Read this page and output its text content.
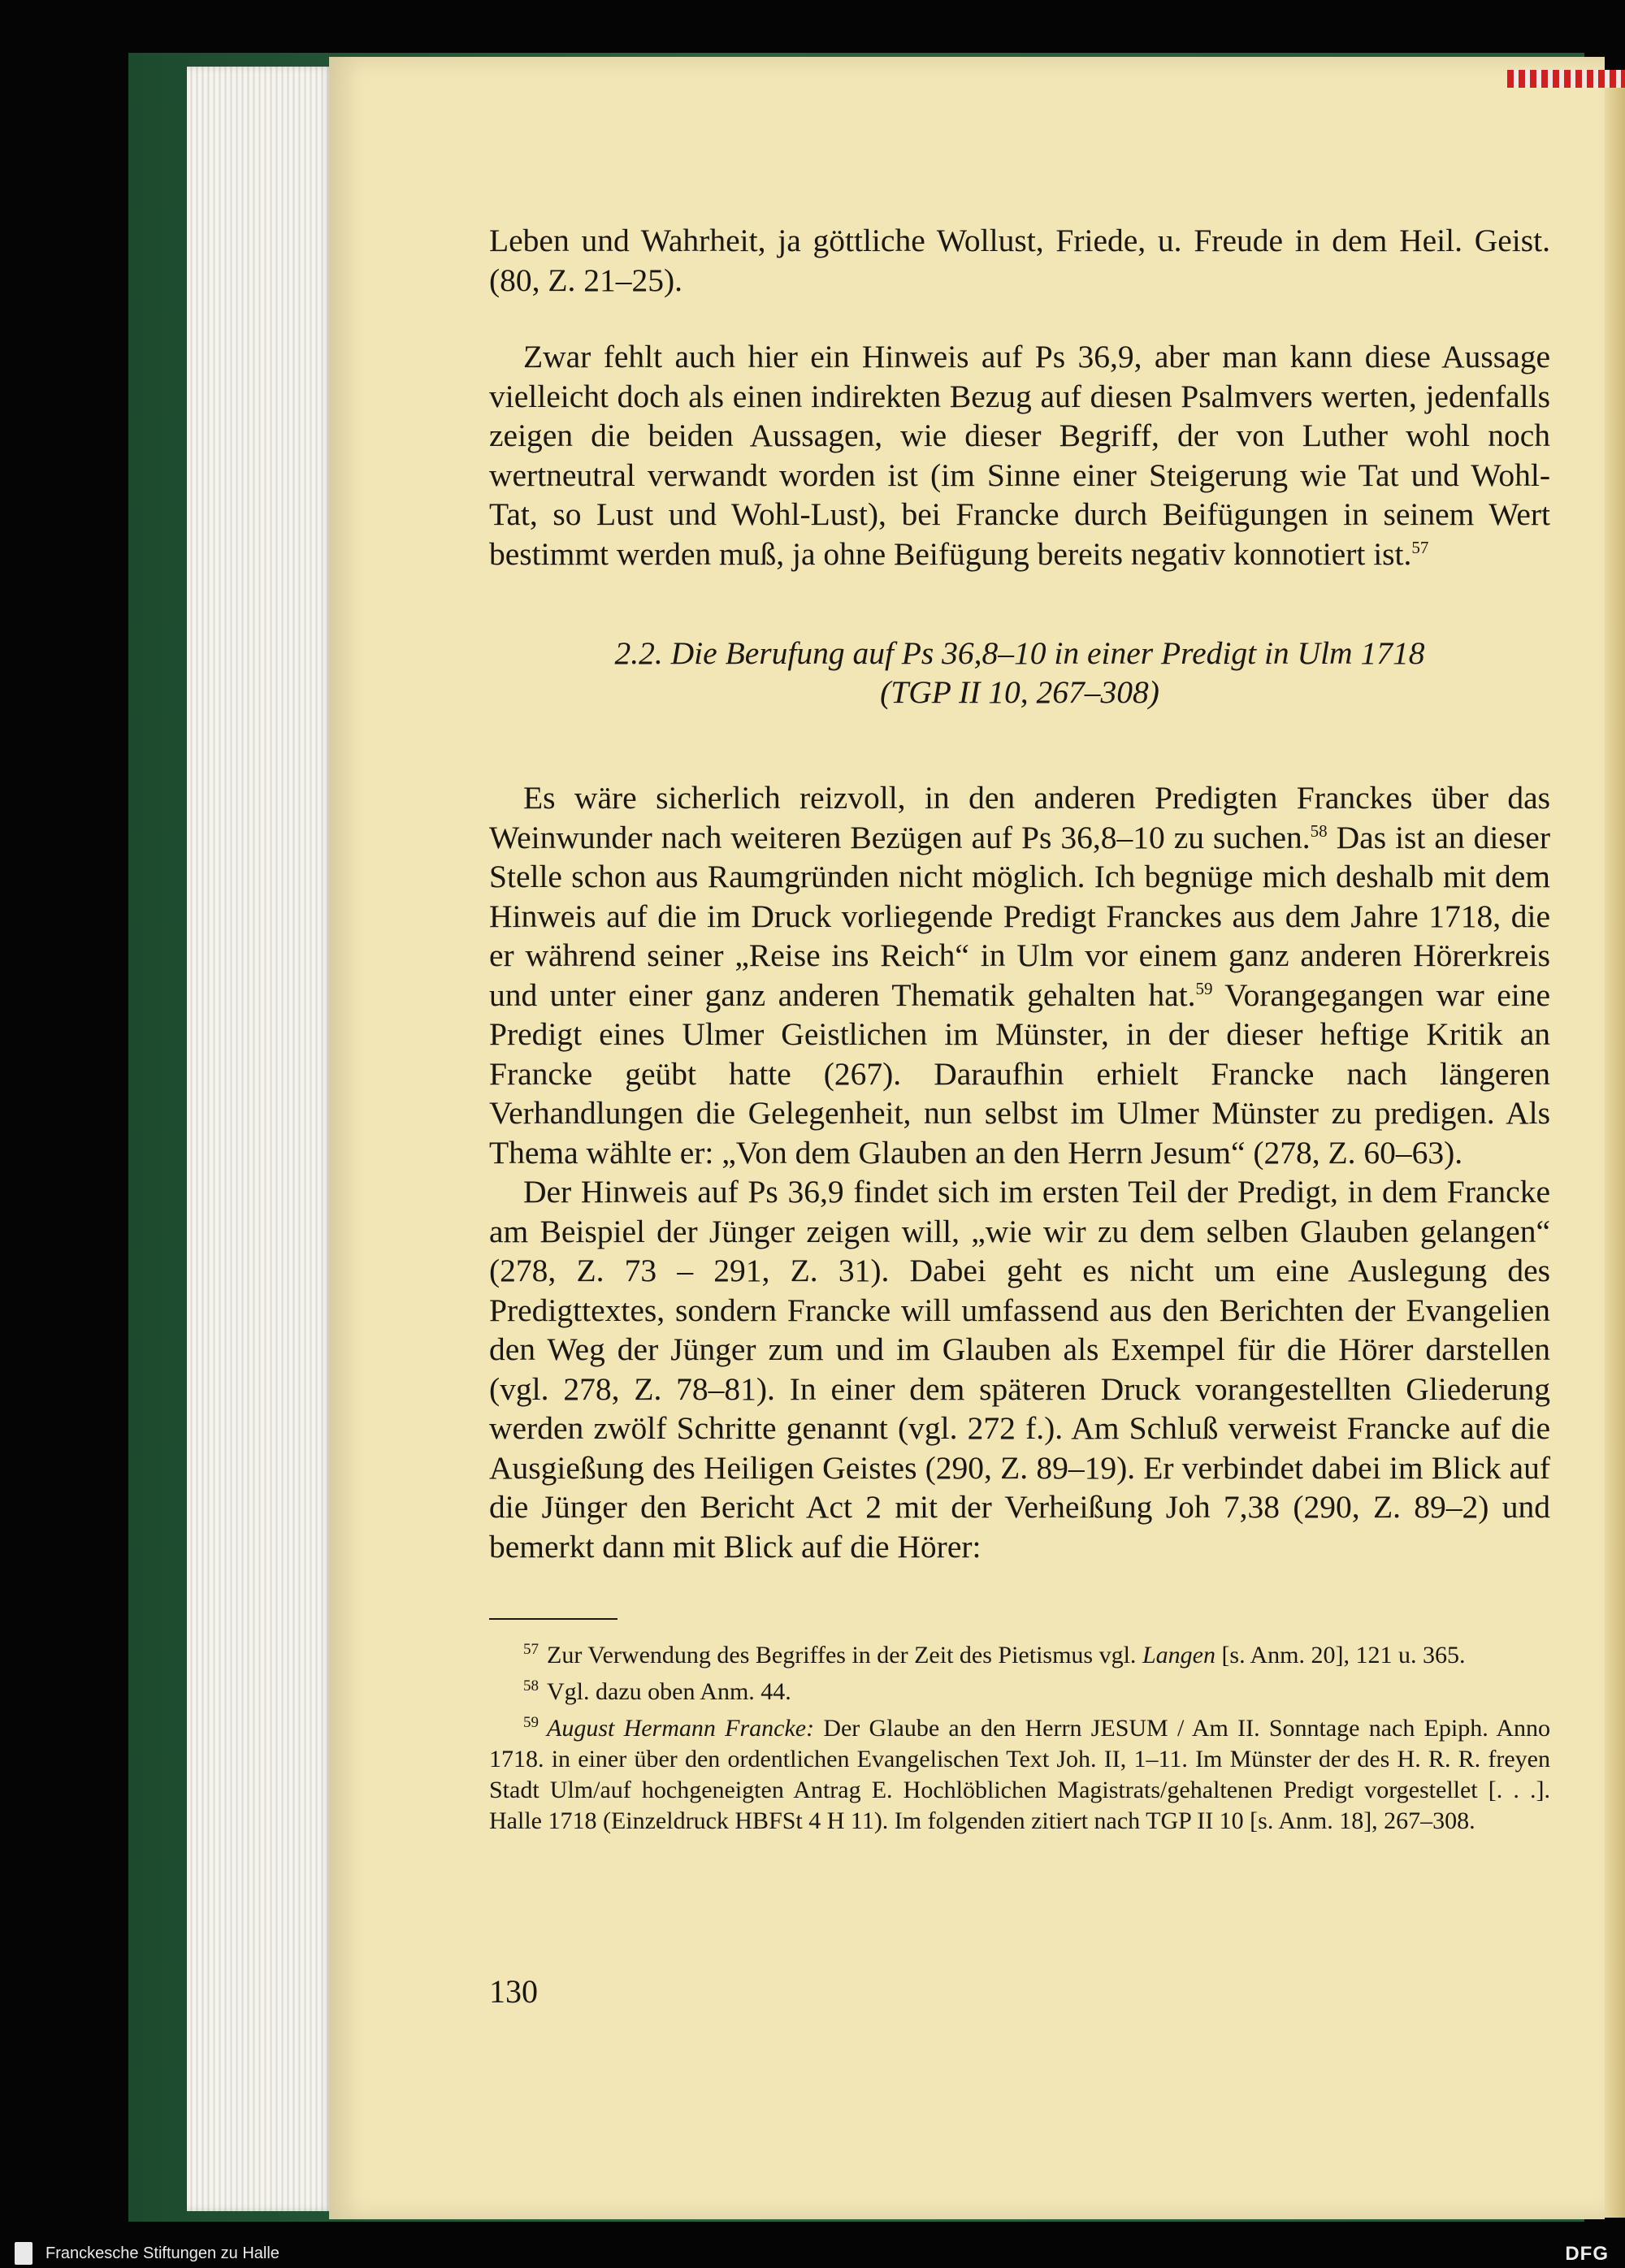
Leben und Wahrheit, ja göttliche Wollust, Friede, u. Freude in dem Heil. Geist. (80, Z. 21–25).

Zwar fehlt auch hier ein Hinweis auf Ps 36,9, aber man kann diese Aussage vielleicht doch als einen indirekten Bezug auf diesen Psalmvers werten, jedenfalls zeigen die beiden Aussagen, wie dieser Begriff, der von Luther wohl noch wertneutral verwandt worden ist (im Sinne einer Steigerung wie Tat und Wohl-Tat, so Lust und Wohl-Lust), bei Francke durch Beifügungen in seinem Wert bestimmt werden muß, ja ohne Beifügung bereits negativ konnotiert ist.$^{57}$

2.2. Die Berufung auf Ps 36,8–10 in einer Predigt in Ulm 1718
(TGP II 10, 267–308)

Es wäre sicherlich reizvoll, in den anderen Predigten Franckes über das Weinwunder nach weiteren Bezügen auf Ps 36,8–10 zu suchen.$^{58}$ Das ist an dieser Stelle schon aus Raumgründen nicht möglich. Ich begnüge mich deshalb mit dem Hinweis auf die im Druck vorliegende Predigt Franckes aus dem Jahre 1718, die er während seiner „Reise ins Reich“ in Ulm vor einem ganz anderen Hörerkreis und unter einer ganz anderen Thematik gehalten hat.$^{59}$ Vorangegangen war eine Predigt eines Ulmer Geistlichen im Münster, in der dieser heftige Kritik an Francke geübt hatte (267). Daraufhin erhielt Francke nach längeren Verhandlungen die Gelegenheit, nun selbst im Ulmer Münster zu predigen. Als Thema wählte er: „Von dem Glauben an den Herrn Jesum“ (278, Z. 60–63).

Der Hinweis auf Ps 36,9 findet sich im ersten Teil der Predigt, in dem Francke am Beispiel der Jünger zeigen will, „wie wir zu dem selben Glauben gelangen“ (278, Z. 73 – 291, Z. 31). Dabei geht es nicht um eine Auslegung des Predigttextes, sondern Francke will umfassend aus den Berichten der Evangelien den Weg der Jünger zum und im Glauben als Exempel für die Hörer darstellen (vgl. 278, Z. 78–81). In einer dem späteren Druck vorangestellten Gliederung werden zwölf Schritte genannt (vgl. 272 f.). Am Schluß verweist Francke auf die Ausgießung des Heiligen Geistes (290, Z. 89–19). Er verbindet dabei im Blick auf die Jünger den Bericht Act 2 mit der Verheißung Joh 7,38 (290, Z. 89–2) und bemerkt dann mit Blick auf die Hörer:

$^{57}$ Zur Verwendung des Begriffes in der Zeit des Pietismus vgl. Langen [s. Anm. 20], 121 u. 365.

$^{58}$ Vgl. dazu oben Anm. 44.

$^{59}$ August Hermann Francke: Der Glaube an den Herrn JESUM / Am II. Sonntage nach Epiph. Anno 1718. in einer über den ordentlichen Evangelischen Text Joh. II, 1–11. Im Münster der des H. R. R. freyen Stadt Ulm/auf hochgeneigten Antrag E. Hochlöblichen Magistrats/gehaltenen Predigt vorgestellet [. . .]. Halle 1718 (Einzeldruck HBFSt 4 H 11). Im folgenden zitiert nach TGP II 10 [s. Anm. 18], 267–308.

130
Franckesche Stiftungen zu Halle	DFG
